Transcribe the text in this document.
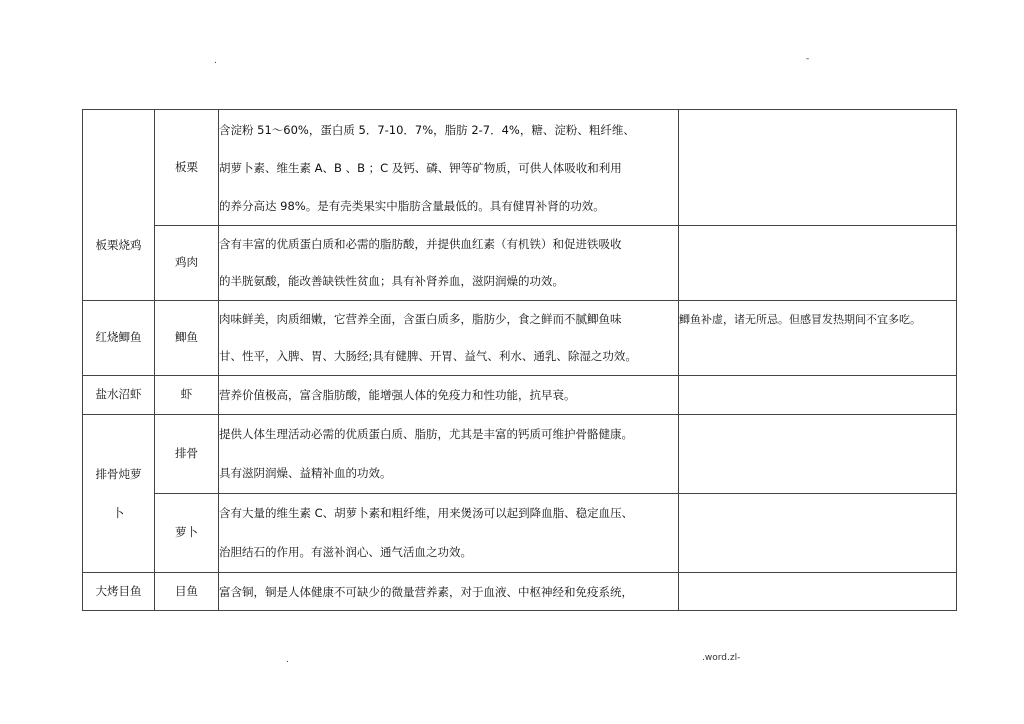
.	-
板栗烧鸡	板栗	含淀粉 51～60%，蛋白质 5．7-10．7%，脂肪 2-7．4%，糖、淀粉、粗纤维、
胡萝卜素、维生素 A、B 、B ；C 及钙、磷、钾等矿物质，可供人体吸收和利用
的养分高达 98%。是有壳类果实中脂肪含量最低的。具有健胃补肾的功效。	

	鸡肉	含有丰富的优质蛋白质和必需的脂肪酸，并提供血红素（有机铁）和促进铁吸收
的半胱氨酸，能改善缺铁性贫血；具有补肾养血，滋阴润燥的功效。	

红烧鲫鱼	鲫鱼	肉味鲜美，肉质细嫩，它营养全面，含蛋白质多，脂肪少，食之鲜而不腻鲫鱼味
甘、性平，入脾、胃、大肠经;具有健脾、开胃、益气、利水、通乳、除湿之功效。	鲫鱼补虚，诸无所忌。但感冒发热期间不宜多吃。

盐水沼虾	虾	营养价值极高，富含脂肪酸，能增强人体的免疫力和性功能，抗早衰。	

排骨炖萝
卜	排骨	提供人体生理活动必需的优质蛋白质、脂肪，尤其是丰富的钙质可维护骨骼健康。
具有滋阴润燥、益精补血的功效。	

	萝卜	含有大量的维生素 C、胡萝卜素和粗纤维，用来煲汤可以起到降血脂、稳定血压、
治胆结石的作用。有滋补润心、通气活血之功效。	

大烤目鱼	目鱼	富含铜，铜是人体健康不可缺少的微量营养素，对于血液、中枢神经和免疫系统，	

.	.word.zl-
